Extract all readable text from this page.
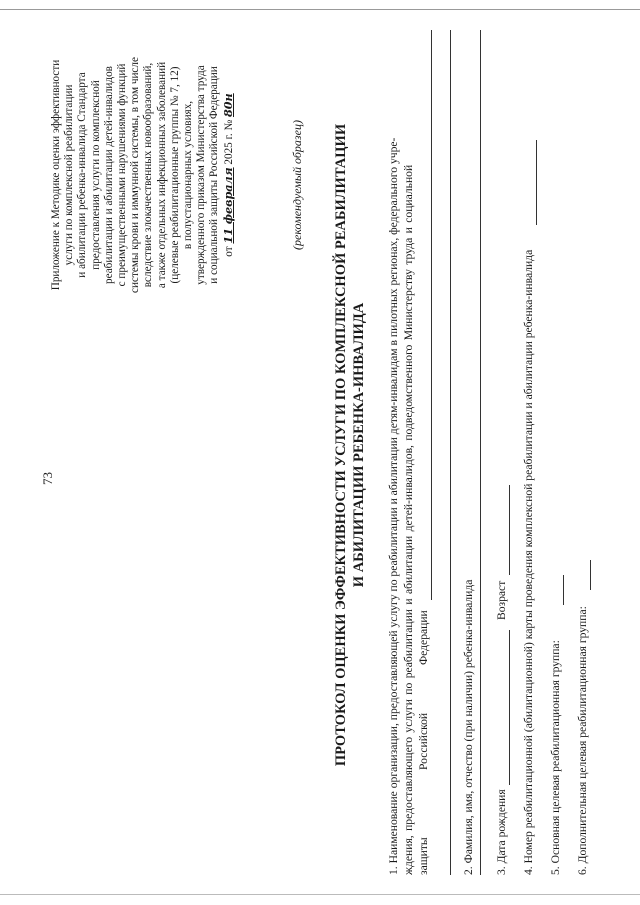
73
Приложение к Методике оценки эффективности услуги по комплексной реабилитации и абилитации ребенка-инвалида Стандарта предоставления услуги по комплексной реабилитации и абилитации детей-инвалидов с преимущественными нарушениями функций системы крови и иммунной системы, в том числе вследствие злокачественных новообразований, а также отдельных инфекционных заболеваний (целевые реабилитационные группы № 7, 12) в полустационарных условиях, утвержденного приказом Министерства труда и социальной защиты Российской Федерации от 11 февраля 2025 г. № 80н
(рекомендуемый образец) ПРОТОКОЛ ОЦЕНКИ ЭФФЕКТИВНОСТИ УСЛУГИ ПО КОМПЛЕКСНОЙ РЕАБИЛИТАЦИИ И АБИЛИТАЦИИ РЕБЕНКА-ИНВАЛИДА 1. Наименование организации, предоставляющей услугу по реабилитации и абилитации детям-инвалидам в пилотных регионах, федерального учре- ждения, предоставляющего услуги по реабилитации и абилитации детей-инвалидов, подведомственного Министерству труда и социальной защиты
Российской
Федерации	2. Фамилия, имя, отчество (при наличии) ребенка-инвалида 3. Дата рождения
Возраст 4. Номер реабилитационной (абилитационной) карты проведения комплексной реабилитации и абилитации ребенка-инвалида 5. Основная целевая реабилитационная группа: 6. Дополнительная целевая реабилитационная группа:
